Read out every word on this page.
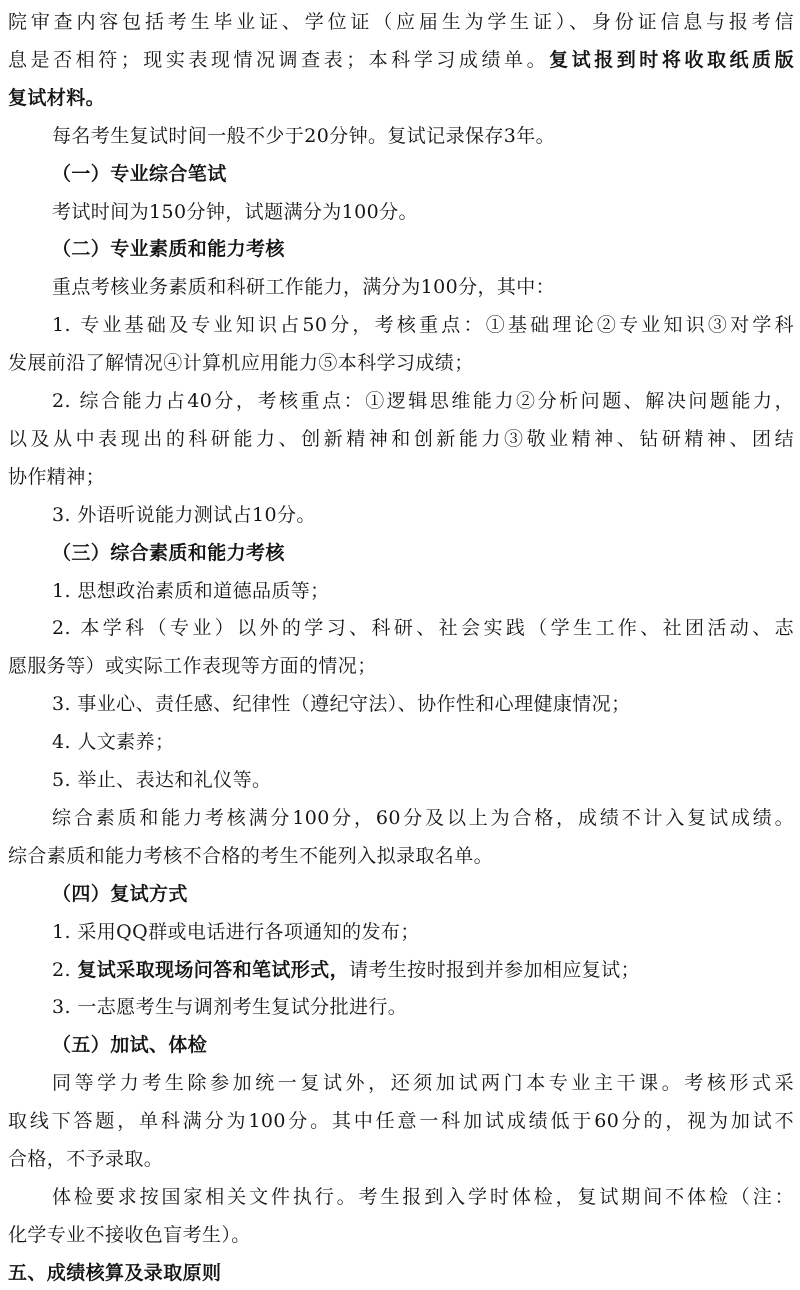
院审查内容包括考生毕业证、学位证（应届生为学生证）、身份证信息与报考信
息是否相符；现实表现情况调查表；本科学习成绩单。复试报到时将收取纸质版
复试材料。
每名考生复试时间一般不少于20分钟。复试记录保存3年。
（一）专业综合笔试
考试时间为150分钟，试题满分为100分。
（二）专业素质和能力考核
重点考核业务素质和科研工作能力，满分为100分，其中：
1. 专业基础及专业知识占50分，考核重点：①基础理论②专业知识③对学科
发展前沿了解情况④计算机应用能力⑤本科学习成绩；
2. 综合能力占40分，考核重点：①逻辑思维能力②分析问题、解决问题能力，
以及从中表现出的科研能力、创新精神和创新能力③敬业精神、钻研精神、团结
协作精神；
3. 外语听说能力测试占10分。
（三）综合素质和能力考核
1. 思想政治素质和道德品质等；
2. 本学科（专业）以外的学习、科研、社会实践（学生工作、社团活动、志
愿服务等）或实际工作表现等方面的情况；
3. 事业心、责任感、纪律性（遵纪守法）、协作性和心理健康情况；
4. 人文素养；
5. 举止、表达和礼仪等。
综合素质和能力考核满分100分，60分及以上为合格，成绩不计入复试成绩。
综合素质和能力考核不合格的考生不能列入拟录取名单。
（四）复试方式
1. 采用QQ群或电话进行各项通知的发布；
2. 复试采取现场问答和笔试形式，请考生按时报到并参加相应复试；
3. 一志愿考生与调剂考生复试分批进行。
（五）加试、体检
同等学力考生除参加统一复试外，还须加试两门本专业主干课。考核形式采
取线下答题，单科满分为100分。其中任意一科加试成绩低于60分的，视为加试不
合格，不予录取。
体检要求按国家相关文件执行。考生报到入学时体检，复试期间不体检（注：
化学专业不接收色盲考生）。
五、成绩核算及录取原则
